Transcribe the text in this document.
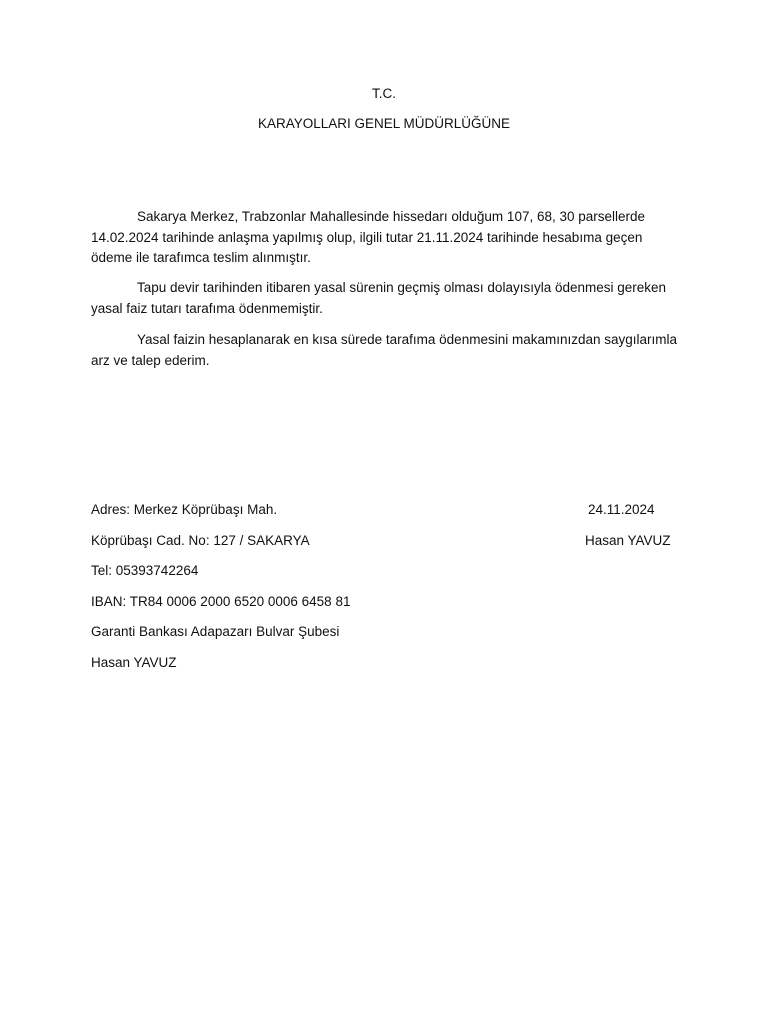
T.C.
KARAYOLLARI GENEL MÜDÜRLÜĞÜNE

Sakarya Merkez, Trabzonlar Mahallesinde hissedarı olduğum 107, 68, 30 parsellerde 14.02.2024 tarihinde anlaşma yapılmış olup, ilgili tutar 21.11.2024 tarihinde hesabıma geçen ödeme ile tarafımca teslim alınmıştır.

Tapu devir tarihinden itibaren yasal sürenin geçmiş olması dolayısıyla ödenmesi gereken yasal faiz tutarı tarafıma ödenmemiştir.

Yasal faizin hesaplanarak en kısa sürede tarafıma ödenmesini makamınızdan saygılarımla arz ve talep ederim.

Adres: Merkez Köprübaşı Mah.
Köprübaşı Cad. No: 127 / SAKARYA
Tel: 05393742264
IBAN: TR84 0006 2000 6520 0006 6458 81
Garanti Bankası Adapazarı Bulvar Şubesi
Hasan YAVUZ
24.11.2024
Hasan YAVUZ
